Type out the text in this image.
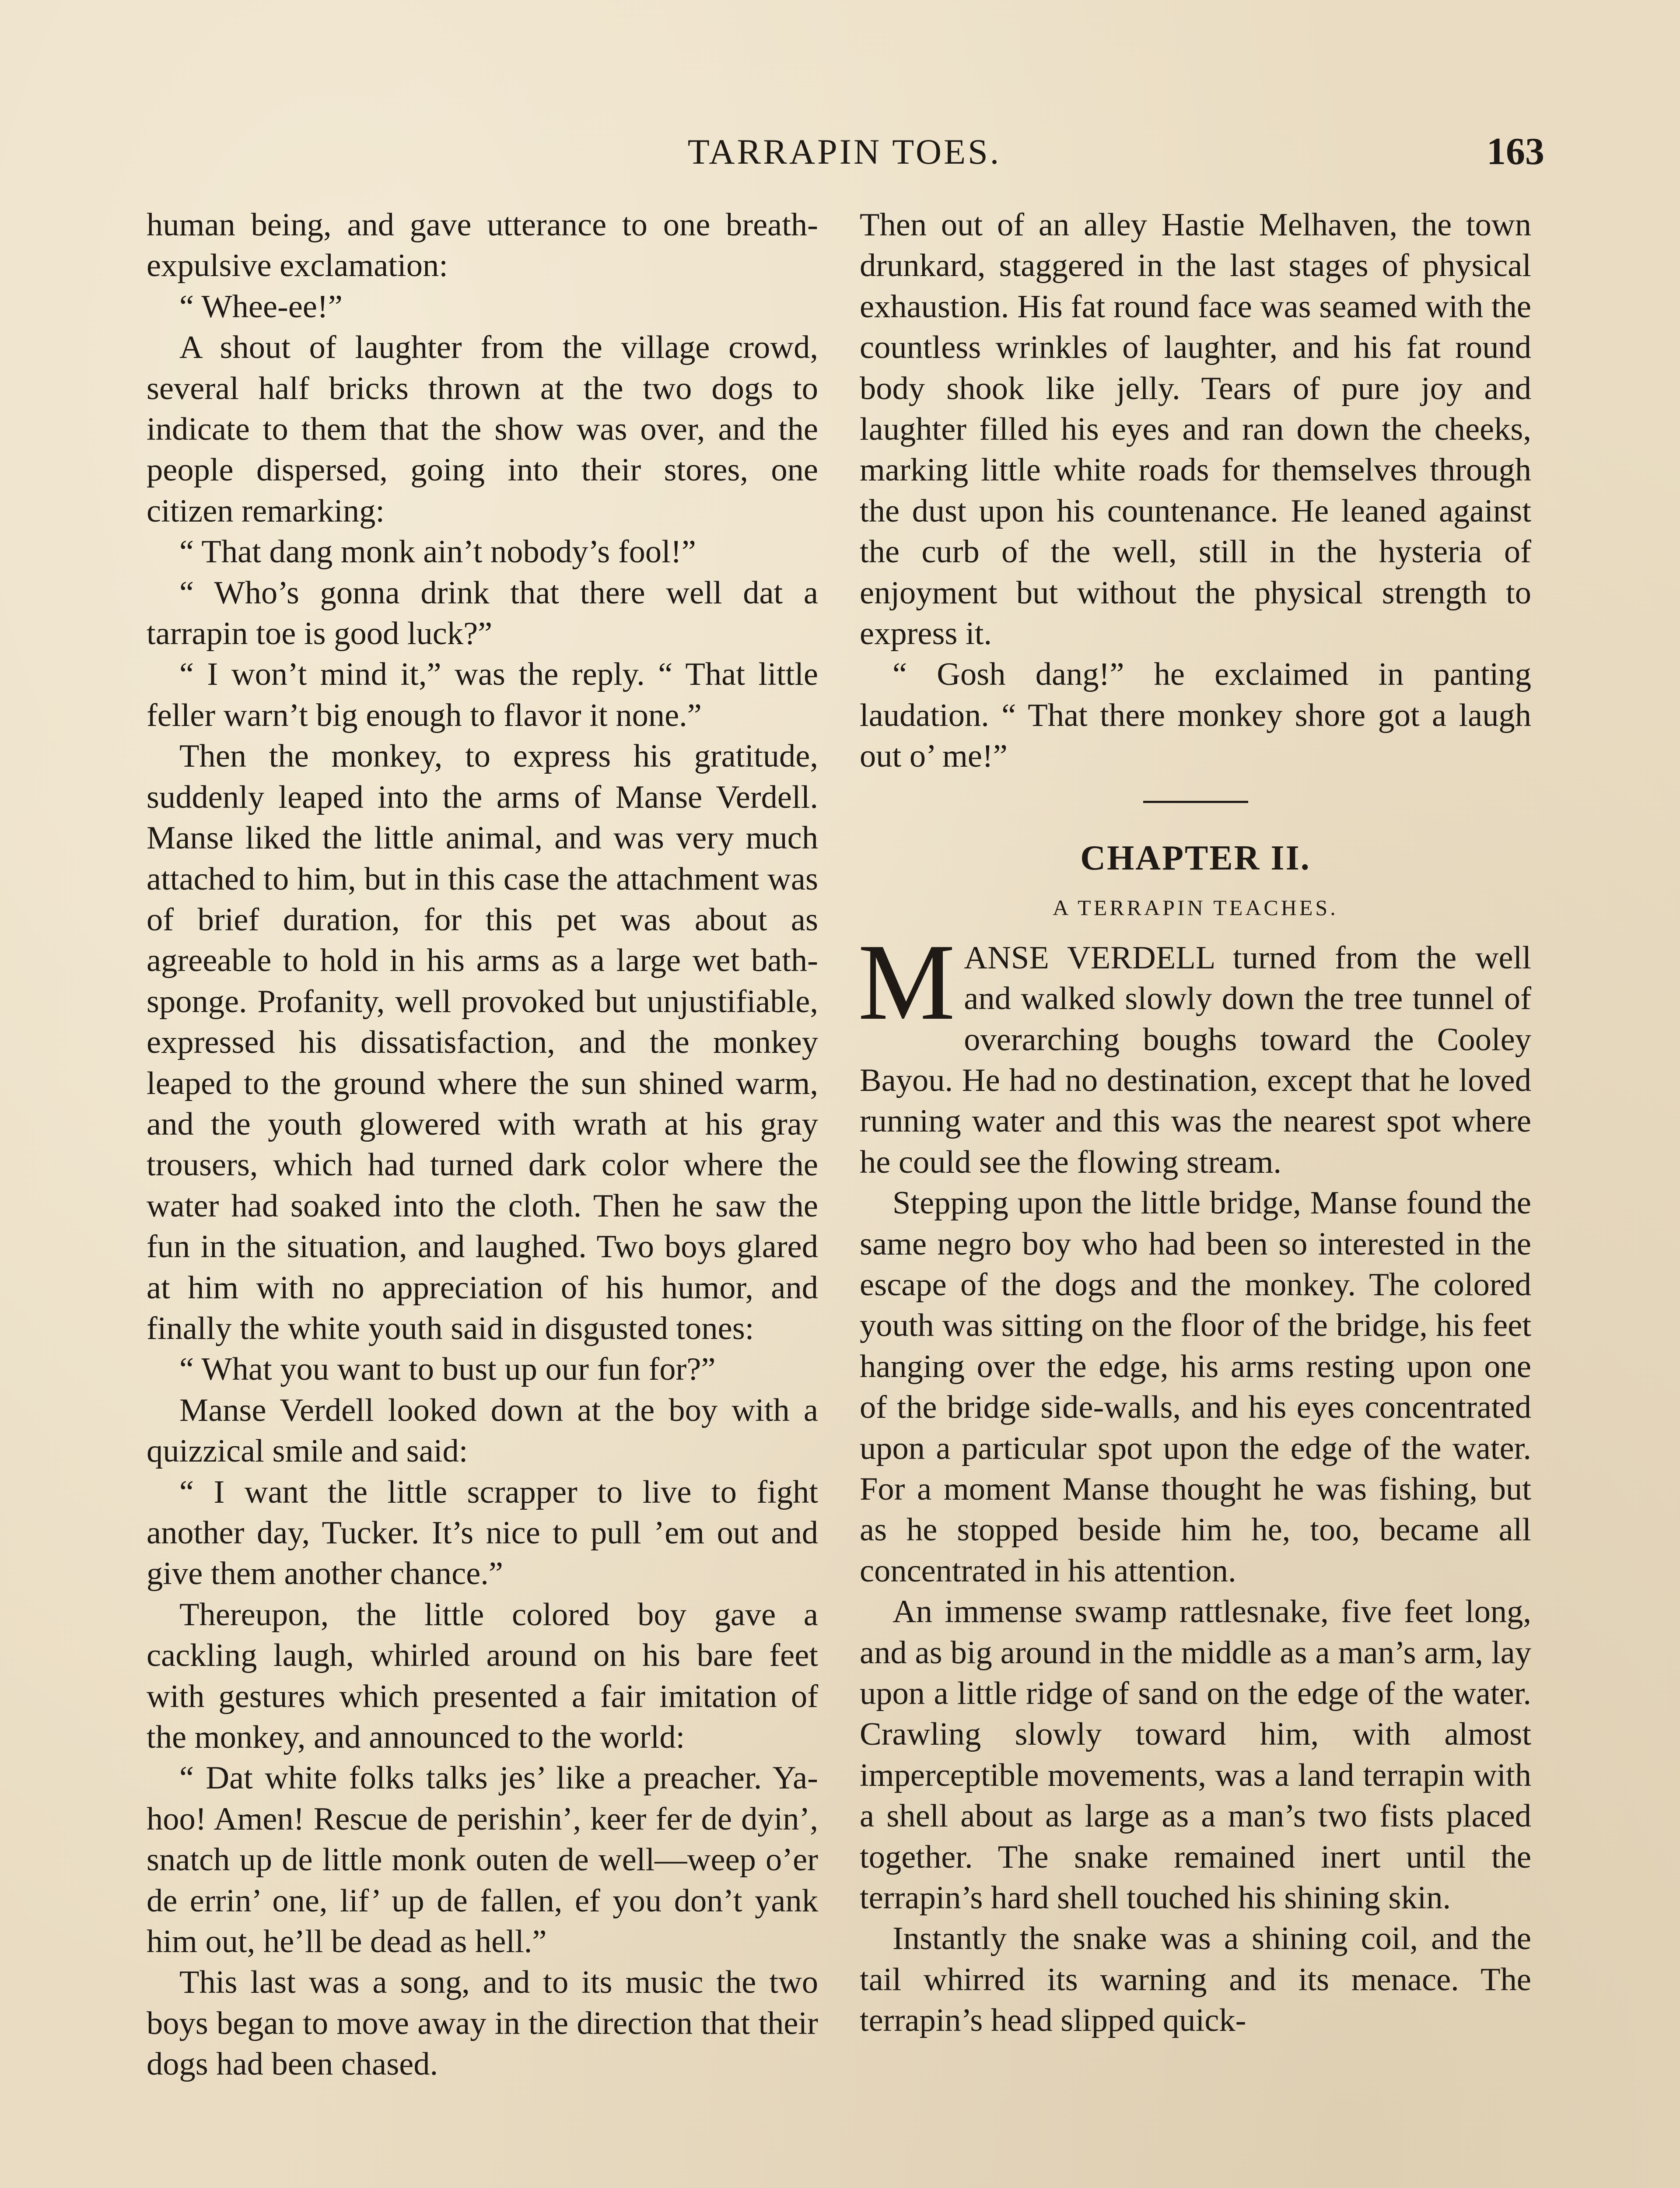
TARRAPIN TOES.	163

human being, and gave utterance to one breath-expulsive exclamation:

“ Whee-ee!”

A shout of laughter from the village crowd, several half bricks thrown at the two dogs to indicate to them that the show was over, and the people dispersed, going into their stores, one citizen remarking:

“ That dang monk ain’t nobody’s fool!”

“ Who’s gonna drink that there well dat a tarrapin toe is good luck?”

“ I won’t mind it,” was the reply. “ That little feller warn’t big enough to flavor it none.”

Then the monkey, to express his gratitude, suddenly leaped into the arms of Manse Verdell. Manse liked the little animal, and was very much attached to him, but in this case the attachment was of brief duration, for this pet was about as agreeable to hold in his arms as a large wet bath-sponge. Profanity, well provoked but unjustifiable, expressed his dissatisfaction, and the monkey leaped to the ground where the sun shined warm, and the youth glowered with wrath at his gray trousers, which had turned dark color where the water had soaked into the cloth. Then he saw the fun in the situation, and laughed. Two boys glared at him with no appreciation of his humor, and finally the white youth said in disgusted tones:

“ What you want to bust up our fun for?”

Manse Verdell looked down at the boy with a quizzical smile and said:

“ I want the little scrapper to live to fight another day, Tucker. It’s nice to pull ’em out and give them another chance.”

Thereupon, the little colored boy gave a cackling laugh, whirled around on his bare feet with gestures which presented a fair imitation of the monkey, and announced to the world:

“ Dat white folks talks jes’ like a preacher. Ya-hoo! Amen! Rescue de perishin’, keer fer de dyin’, snatch up de little monk outen de well—weep o’er de errin’ one, lif’ up de fallen, ef you don’t yank him out, he’ll be dead as hell.”

This last was a song, and to its music the two boys began to move away in the direction that their dogs had been chased.

Then out of an alley Hastie Melhaven, the town drunkard, staggered in the last stages of physical exhaustion. His fat round face was seamed with the countless wrinkles of laughter, and his fat round body shook like jelly. Tears of pure joy and laughter filled his eyes and ran down the cheeks, marking little white roads for themselves through the dust upon his countenance. He leaned against the curb of the well, still in the hysteria of enjoyment but without the physical strength to express it.

“ Gosh dang!” he exclaimed in panting laudation. “ That there monkey shore got a laugh out o’ me!”

CHAPTER II.
A TERRAPIN TEACHES.

MANSE VERDELL turned from the well and walked slowly down the tree tunnel of overarching boughs toward the Cooley Bayou. He had no destination, except that he loved running water and this was the nearest spot where he could see the flowing stream.

Stepping upon the little bridge, Manse found the same negro boy who had been so interested in the escape of the dogs and the monkey. The colored youth was sitting on the floor of the bridge, his feet hanging over the edge, his arms resting upon one of the bridge side-walls, and his eyes concentrated upon a particular spot upon the edge of the water. For a moment Manse thought he was fishing, but as he stopped beside him he, too, became all concentrated in his attention.

An immense swamp rattlesnake, five feet long, and as big around in the middle as a man’s arm, lay upon a little ridge of sand on the edge of the water. Crawling slowly toward him, with almost imperceptible movements, was a land terrapin with a shell about as large as a man’s two fists placed together. The snake remained inert until the terrapin’s hard shell touched his shining skin.

Instantly the snake was a shining coil, and the tail whirred its warning and its menace. The terrapin’s head slipped quick-
